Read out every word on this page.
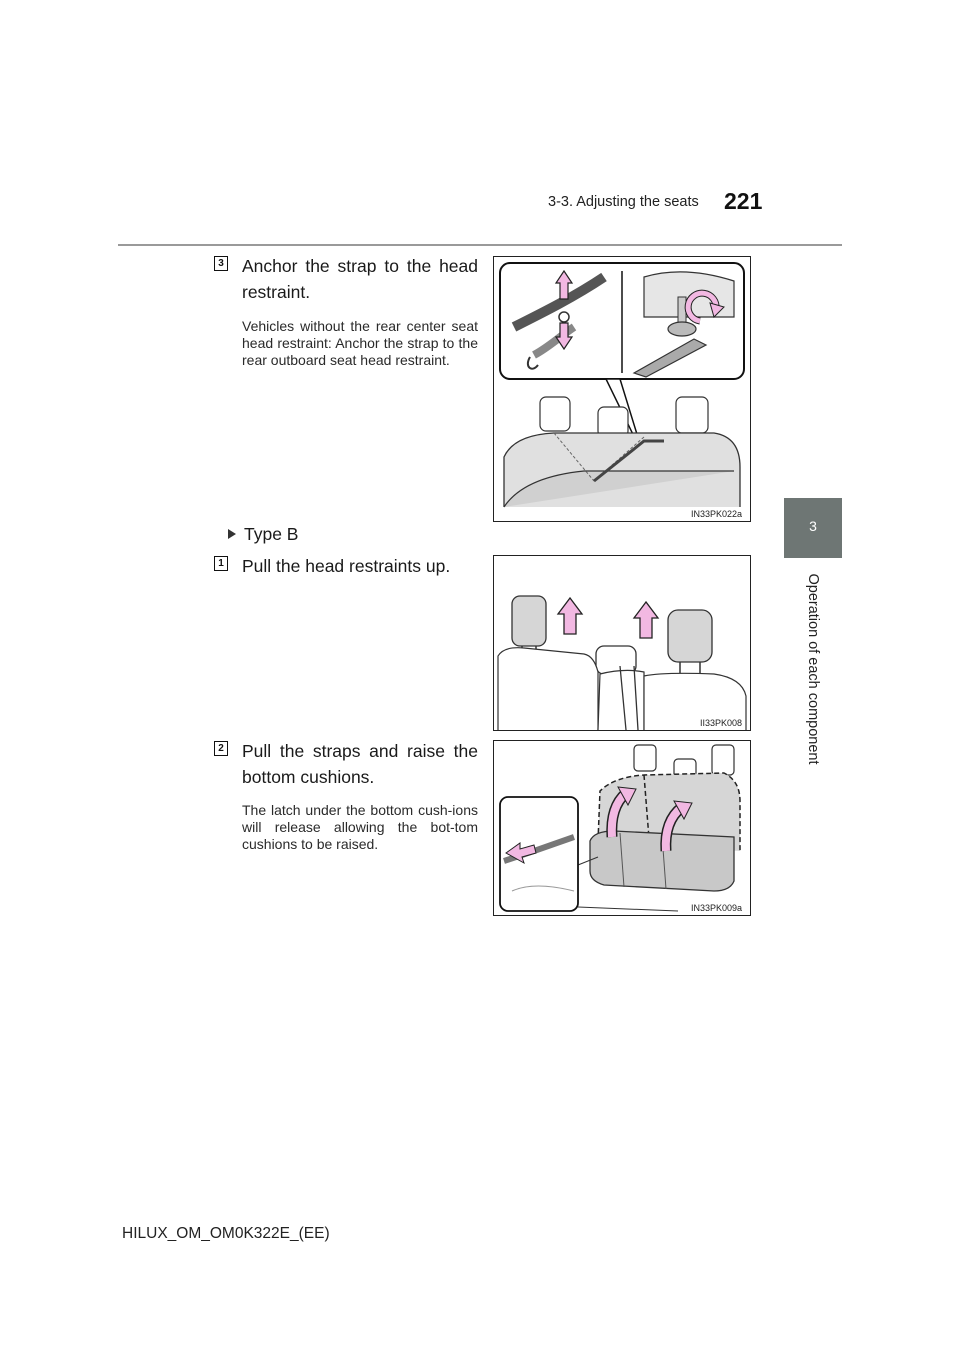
3-3. Adjusting the seats 221
3
Operation of each component
3 Anchor the strap to the head restraint.
Vehicles without the rear center seat head restraint: Anchor the strap to the rear outboard seat head restraint.
IN33PK022a
Type B
1 Pull the head restraints up.
II33PK008
2 Pull the straps and raise the bottom cushions.
The latch under the bottom cush-ions will release allowing the bot-tom cushions to be raised.
IN33PK009a
HILUX_OM_OM0K322E_(EE)
